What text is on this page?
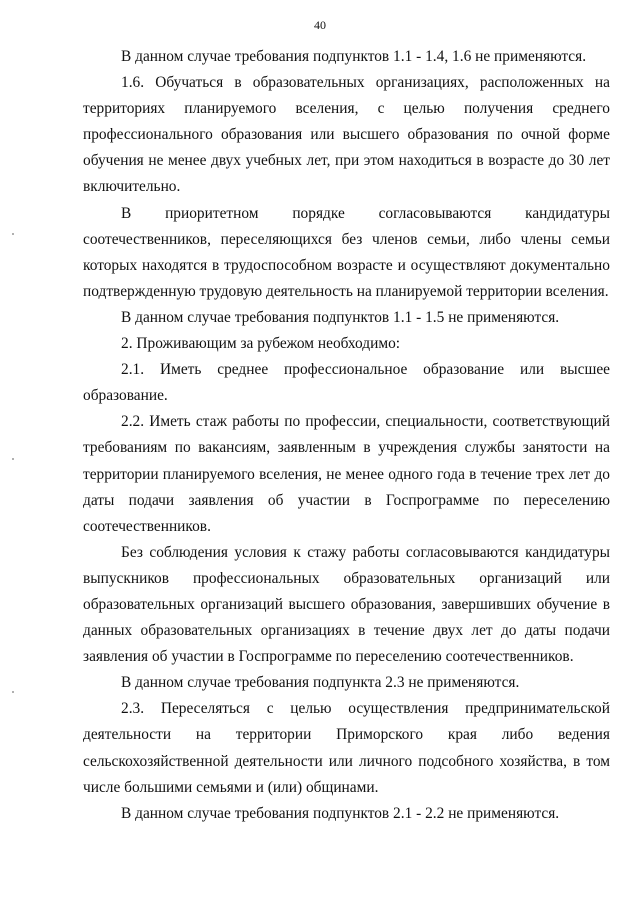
40

В данном случае требования подпунктов 1.1 - 1.4, 1.6 не применяются.

1.6. Обучаться в образовательных организациях, расположенных на территориях планируемого вселения, с целью получения среднего профессионального образования или высшего образования по очной форме обучения не менее двух учебных лет, при этом находиться в возрасте до 30 лет включительно.

В приоритетном порядке согласовываются кандидатуры соотечественников, переселяющихся без членов семьи, либо члены семьи которых находятся в трудоспособном возрасте и осуществляют документально подтвержденную трудовую деятельность на планируемой территории вселения.

В данном случае требования подпунктов 1.1 - 1.5 не применяются.

2. Проживающим за рубежом необходимо:

2.1. Иметь среднее профессиональное образование или высшее образование.

2.2. Иметь стаж работы по профессии, специальности, соответствующий требованиям по вакансиям, заявленным в учреждения службы занятости на территории планируемого вселения, не менее одного года в течение трех лет до даты подачи заявления об участии в Госпрограмме по переселению соотечественников.

Без соблюдения условия к стажу работы согласовываются кандидатуры выпускников профессиональных образовательных организаций или образовательных организаций высшего образования, завершивших обучение в данных образовательных организациях в течение двух лет до даты подачи заявления об участии в Госпрограмме по переселению соотечественников.

В данном случае требования подпункта 2.3 не применяются.

2.3. Переселяться с целью осуществления предпринимательской деятельности на территории Приморского края либо ведения сельскохозяйственной деятельности или личного подсобного хозяйства, в том числе большими семьями и (или) общинами.

В данном случае требования подпунктов 2.1 - 2.2 не применяются.
